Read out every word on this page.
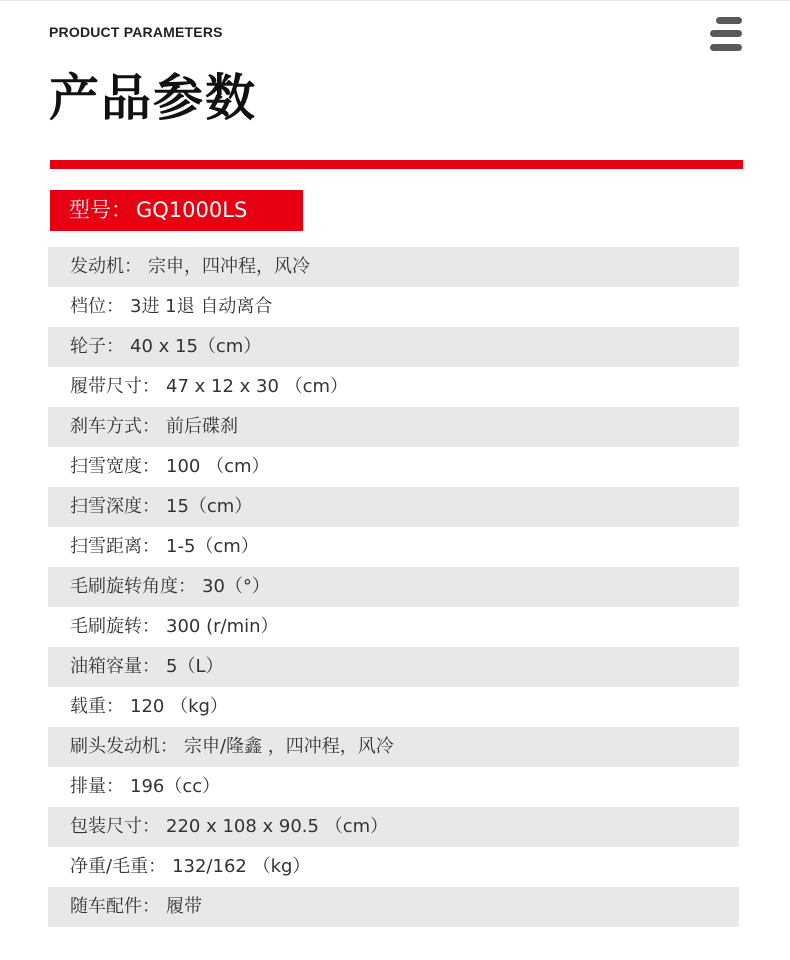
PRODUCT PARAMETERS
产品参数
型号： GQ1000LS
发动机： 宗申，四冲程，风冷
档位： 3进 1退 自动离合
轮子： 40 x 15（cm）
履带尺寸： 47 x 12 x 30 （cm）
刹车方式： 前后碟刹
扫雪宽度： 100 （cm）
扫雪深度： 15（cm）
扫雪距离： 1-5（cm）
毛刷旋转角度： 30（°）
毛刷旋转： 300 (r/min）
油箱容量： 5（L）
载重： 120 （kg）
刷头发动机： 宗申/隆鑫 ，四冲程，风冷
排量： 196（cc）
包装尺寸： 220 x 108 x 90.5 （cm）
净重/毛重： 132/162 （kg）
随车配件： 履带
